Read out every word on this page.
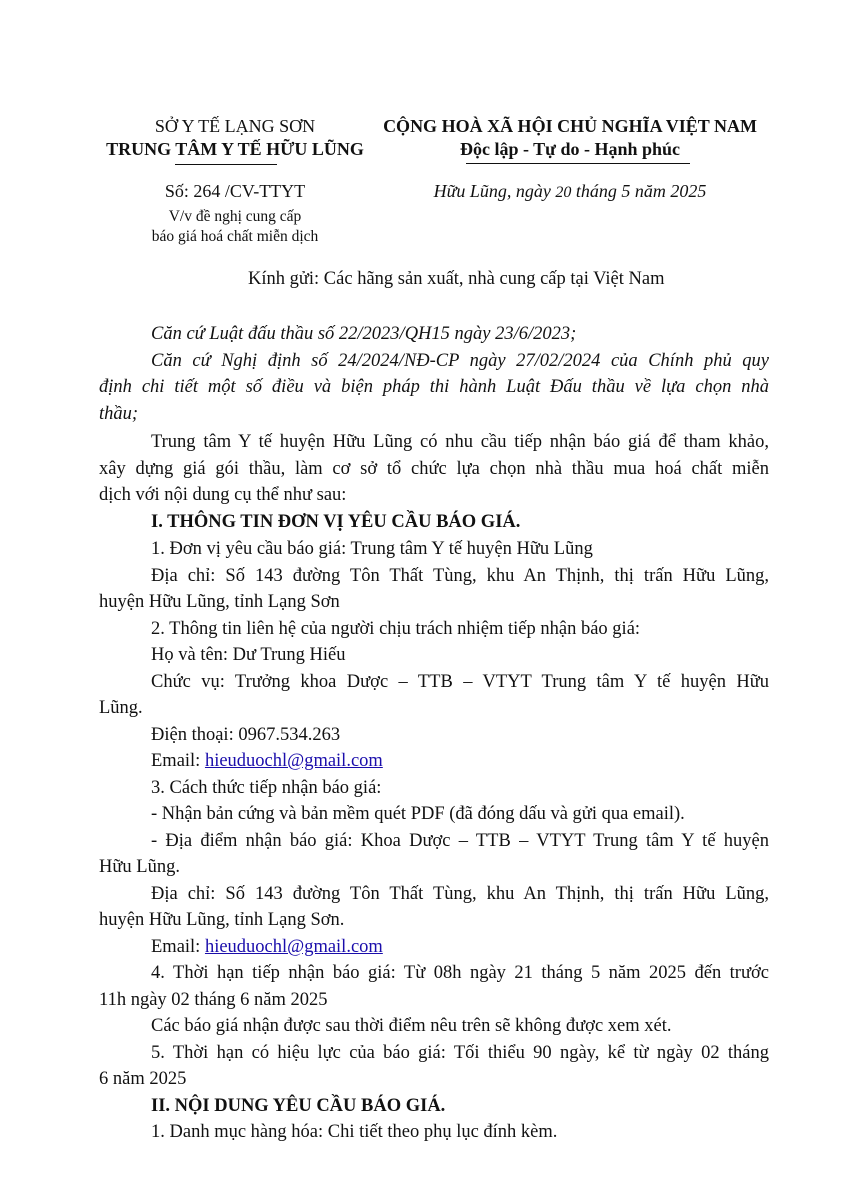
SỞ Y TẾ LẠNG SƠN
TRUNG TÂM Y TẾ HỮU LŨNG
Số: 264 /CV-TTYT
V/v đề nghị cung cấp
báo giá hoá chất miễn dịch
CỘNG HOÀ XÃ HỘI CHỦ NGHĨA VIỆT NAM
Độc lập - Tự do - Hạnh phúc
Hữu Lũng, ngày 20 tháng 5 năm 2025
Kính gửi: Các hãng sản xuất, nhà cung cấp tại Việt Nam
Căn cứ Luật đấu thầu số 22/2023/QH15 ngày 23/6/2023;
Căn cứ Nghị định số 24/2024/NĐ-CP ngày 27/02/2024 của Chính phủ quy
định chi tiết một số điều và biện pháp thi hành Luật Đấu thầu về lựa chọn nhà
thầu;
Trung tâm Y tế huyện Hữu Lũng có nhu cầu tiếp nhận báo giá để tham khảo,
xây dựng giá gói thầu, làm cơ sở tổ chức lựa chọn nhà thầu mua hoá chất miễn
dịch với nội dung cụ thể như sau:
I. THÔNG TIN ĐƠN VỊ YÊU CẦU BÁO GIÁ.
1. Đơn vị yêu cầu báo giá: Trung tâm Y tế huyện Hữu Lũng
Địa chỉ: Số 143 đường Tôn Thất Tùng, khu An Thịnh, thị trấn Hữu Lũng,
huyện Hữu Lũng, tỉnh Lạng Sơn
2. Thông tin liên hệ của người chịu trách nhiệm tiếp nhận báo giá:
Họ và tên: Dư Trung Hiếu
Chức vụ: Trưởng khoa Dược – TTB – VTYT Trung tâm Y tế huyện Hữu
Lũng.
Điện thoại: 0967.534.263
Email: hieuduochl@gmail.com
3. Cách thức tiếp nhận báo giá:
- Nhận bản cứng và bản mềm quét PDF (đã đóng dấu và gửi qua email).
- Địa điểm nhận báo giá: Khoa Dược – TTB – VTYT Trung tâm Y tế huyện
Hữu Lũng.
Địa chỉ: Số 143 đường Tôn Thất Tùng, khu An Thịnh, thị trấn Hữu Lũng,
huyện Hữu Lũng, tỉnh Lạng Sơn.
Email: hieuduochl@gmail.com
4. Thời hạn tiếp nhận báo giá: Từ 08h ngày 21 tháng 5 năm 2025 đến trước
11h ngày 02 tháng 6 năm 2025
Các báo giá nhận được sau thời điểm nêu trên sẽ không được xem xét.
5. Thời hạn có hiệu lực của báo giá: Tối thiểu 90 ngày, kể từ ngày 02 tháng
6 năm 2025
II. NỘI DUNG YÊU CẦU BÁO GIÁ.
1. Danh mục hàng hóa: Chi tiết theo phụ lục đính kèm.
